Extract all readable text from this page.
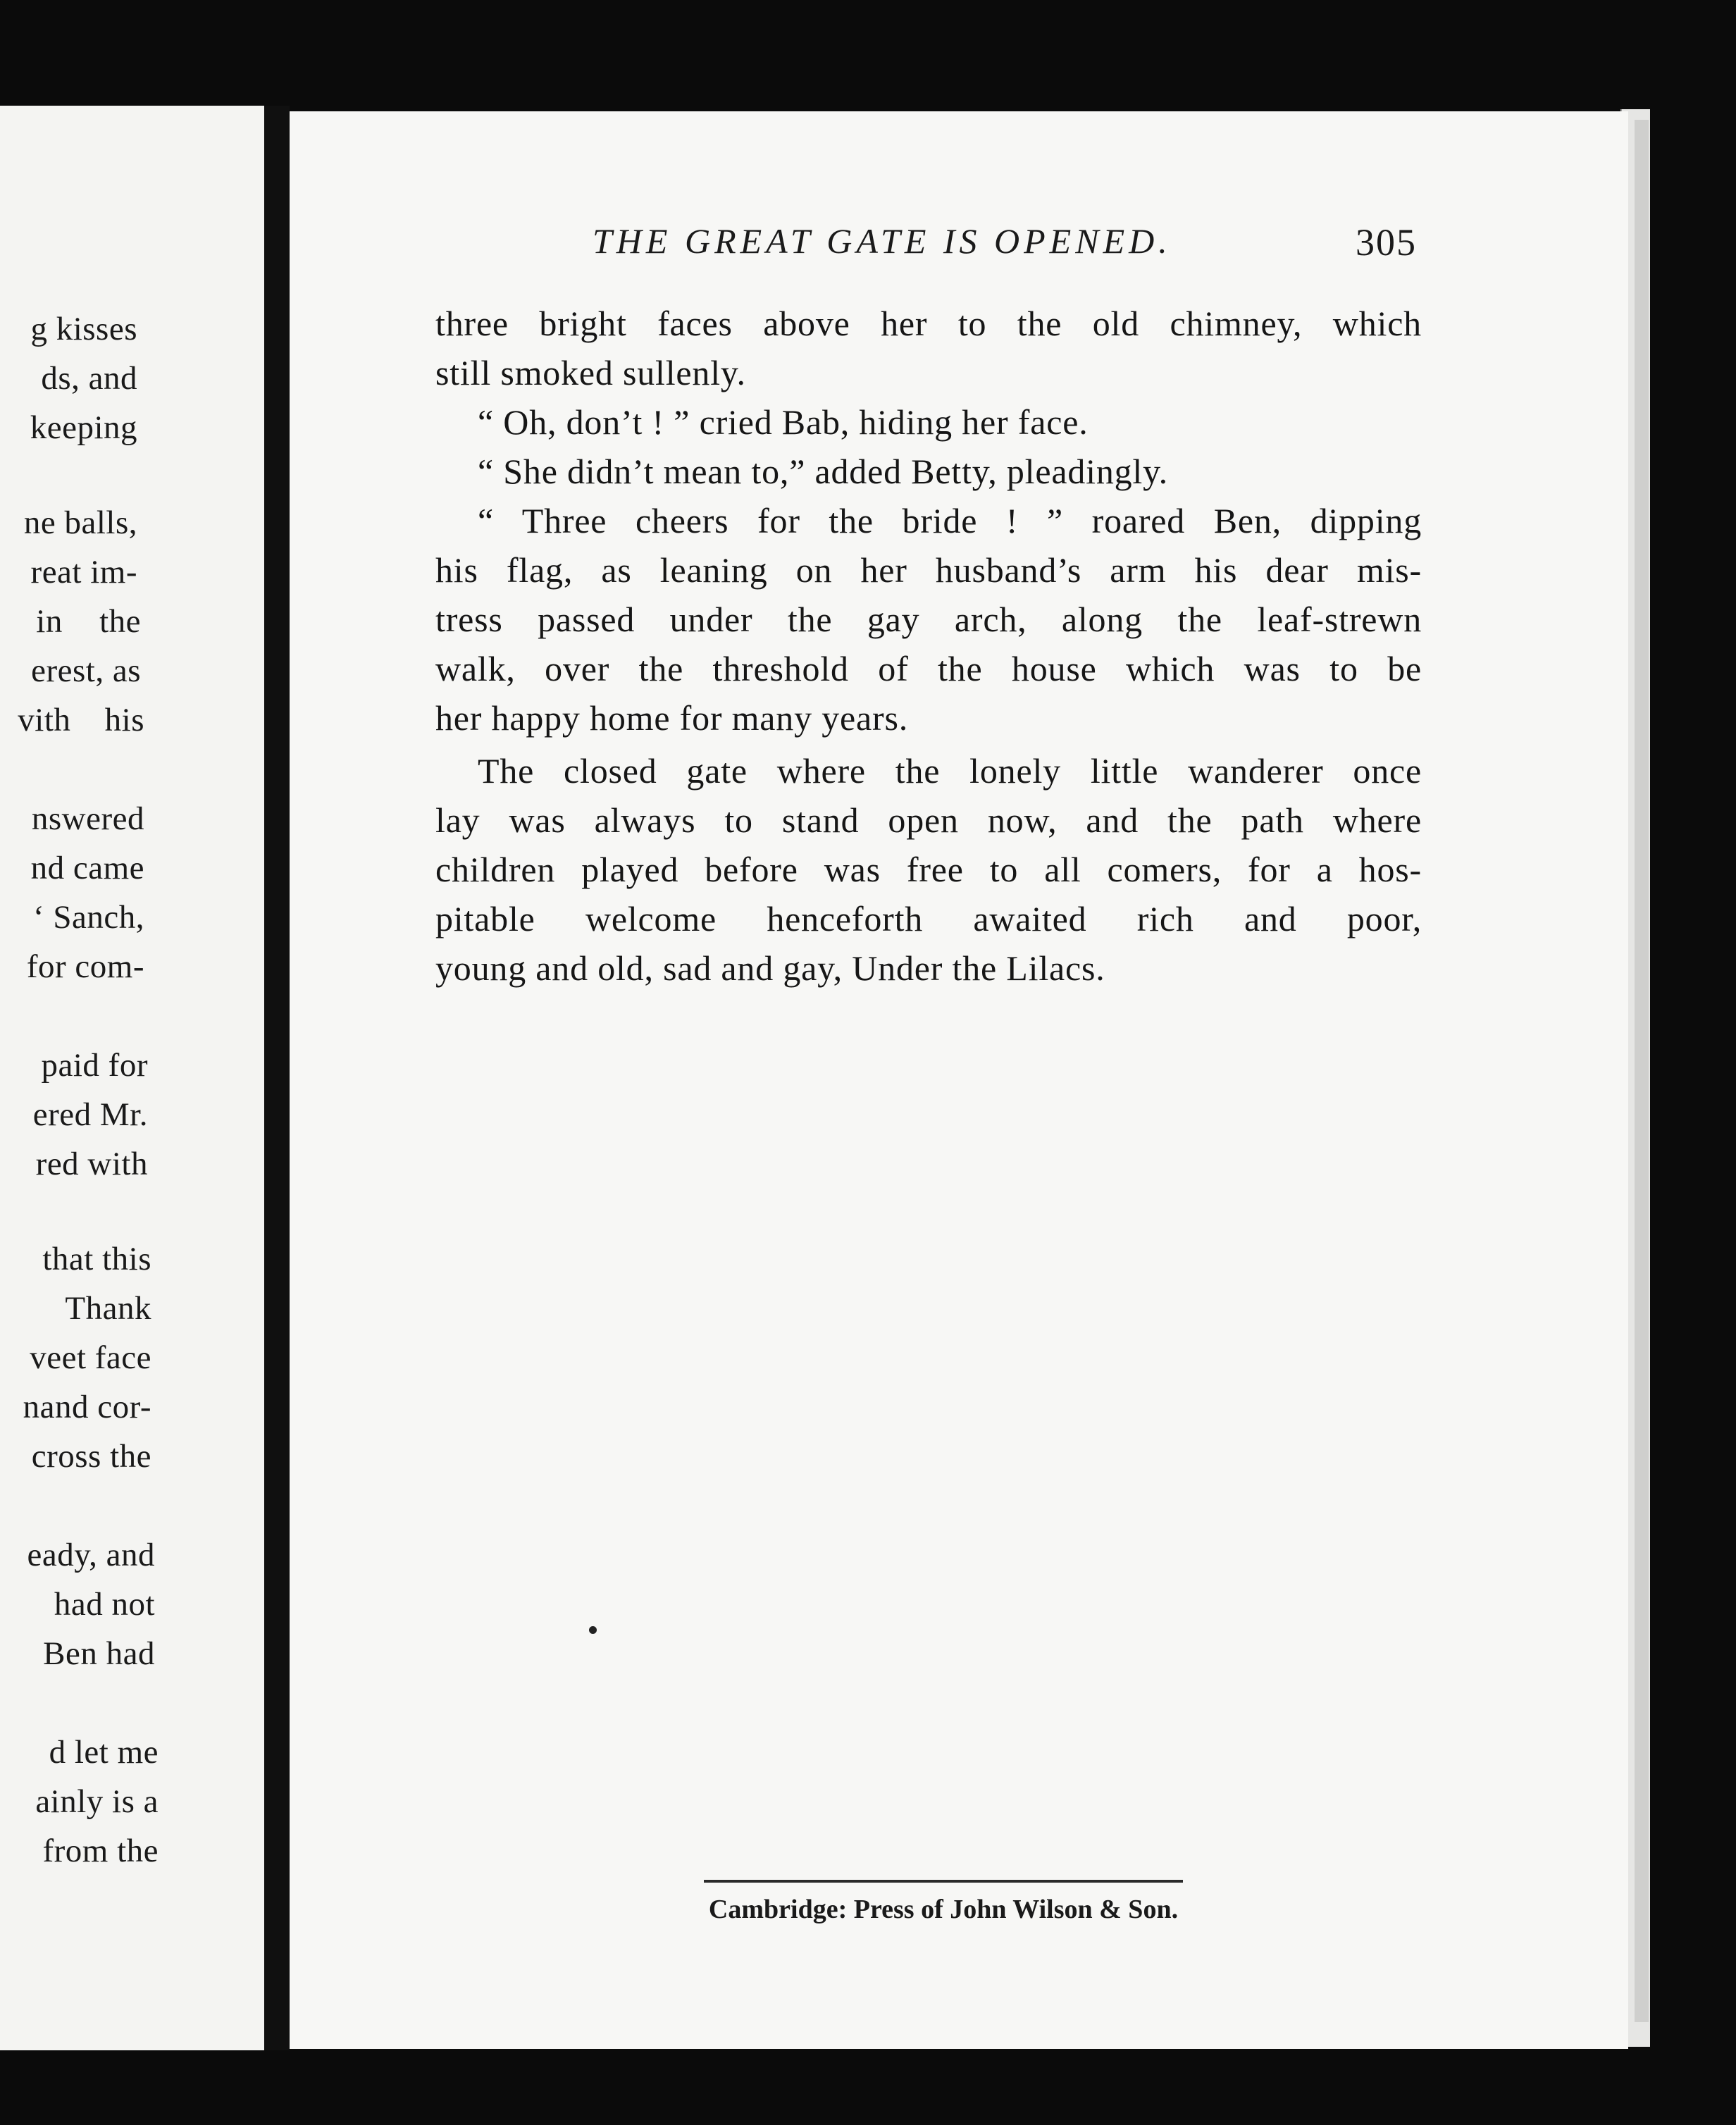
g kisses
ds, and
keeping
ne balls,
reat im-
in the
erest, as
vith his
nswered
nd came
‘ Sanch,
for com-
paid for
ered Mr.
red with
that this
Thank
veet face
nand cor-
cross the
eady, and
had not
Ben had
d let me
ainly is a
from the
THE GREAT GATE IS OPENED.	305
three bright faces above her to the old chimney, which
still smoked sullenly.
“ Oh, don’t ! ” cried Bab, hiding her face.
“ She didn’t mean to,” added Betty, pleadingly.
“ Three cheers for the bride ! ” roared Ben, dipping
his flag, as leaning on her husband’s arm his dear mis-
tress passed under the gay arch, along the leaf-strewn
walk, over the threshold of the house which was to be
her happy home for many years.
The closed gate where the lonely little wanderer once
lay was always to stand open now, and the path where
children played before was free to all comers, for a hos-
pitable welcome henceforth awaited rich and poor,
young and old, sad and gay, Under the Lilacs.
Cambridge: Press of John Wilson & Son.
